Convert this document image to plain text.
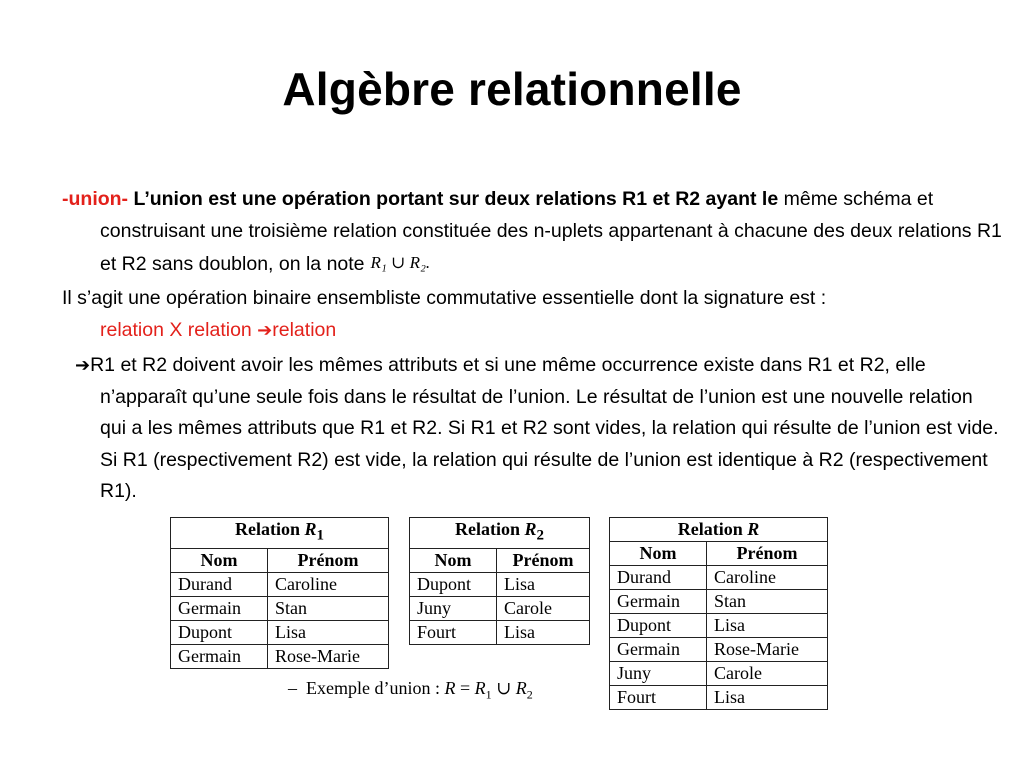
Algèbre relationnelle
-union- L’union est une opération portant sur deux relations R1 et R2 ayant le même schéma et construisant une troisième relation constituée des n-uplets appartenant à chacune des deux relations R1 et R2 sans doublon, on la note R₁ ∪ R₂.
Il s’agit une opération binaire ensembliste commutative essentielle dont la signature est :relation X relation ➔relation
➔R1 et R2 doivent avoir les mêmes attributs et si une même occurrence existe dans R1 et R2, elle n’apparaît qu’une seule fois dans le résultat de l’union. Le résultat de l’union est une nouvelle relation qui a les mêmes attributs que R1 et R2. Si R1 et R2 sont vides, la relation qui résulte de l’union est vide. Si R1 (respectivement R2) est vide, la relation qui résulte de l’union est identique à R2 (respectivement R1).
Relation $R_1$
Nom	Prénom
Durand	Caroline
Germain	Stan
Dupont	Lisa
Germain	Rose-Marie
Relation $R_2$
Nom	Prénom
Dupont	Lisa
Juny	Carole
Fourt	Lisa
Relation R	
Nom	Prénom
Durand	Caroline
Germain	Stan
Dupont	Lisa
Germain	Rose-Marie
Juny	Carole
Fourt	Lisa
– Exemple d’union : $R = R_1$ ∪ $R_2$
